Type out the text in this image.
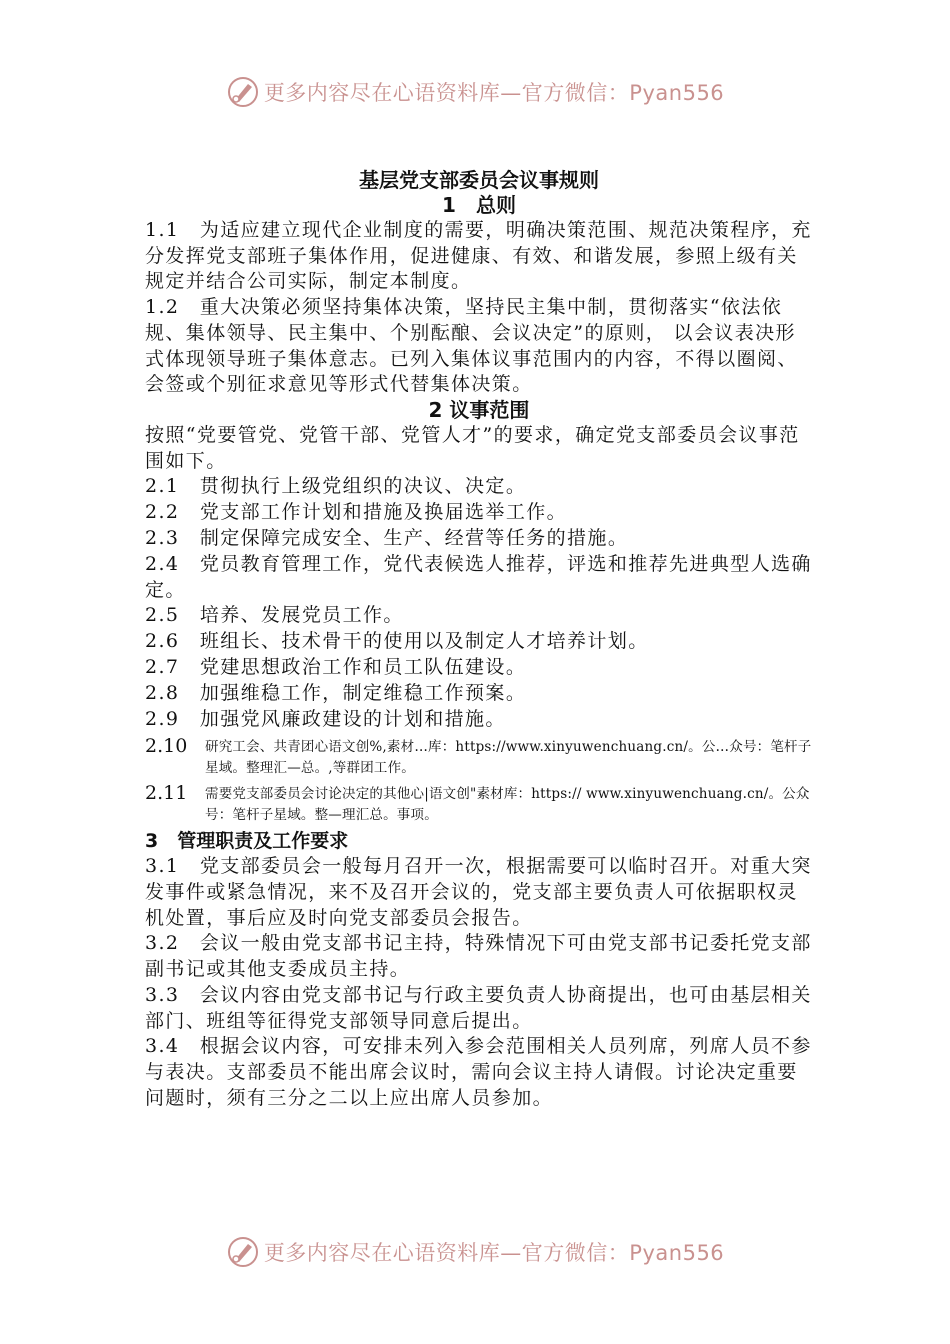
更多内容尽在心语资料库—官方微信：Pyan556
基层党支部委员会议事规则
1　总则

1.1　为适应建立现代企业制度的需要，明确决策范围、规范决策程序，充分发挥党支部班子集体作用，促进健康、有效、和谐发展，参照上级有关规定并结合公司实际，制定本制度。

1.2　重大决策必须坚持集体决策，坚持民主集中制，贯彻落实“依法依规、集体领导、民主集中、个别酝酿、会议决定”的原则， 以会议表决形式体现领导班子集体意志。已列入集体议事范围内的内容，不得以圈阅、会签或个别征求意见等形式代替集体决策。

2 议事范围

按照“党要管党、党管干部、党管人才”的要求，确定党支部委员会议事范围如下。

2.1　贯彻执行上级党组织的决议、决定。

2.2　党支部工作计划和措施及换届选举工作。

2.3　制定保障完成安全、生产、经营等任务的措施。

2.4　党员教育管理工作，党代表候选人推荐，评选和推荐先进典型人选确定。

2.5　培养、发展党员工作。

2.6　班组长、技术骨干的使用以及制定人才培养计划。

2.7　党建思想政治工作和员工队伍建设。

2.8　加强维稳工作，制定维稳工作预案。

2.9　加强党风廉政建设的计划和措施。

2.10	研究工会、共青团心语文创%,素材…库：https://www.xinyuwenchuang.cn/。公…众号：笔杆子星域。整理汇—总。,等群团工作。
2.11	需要党支部委员会讨论决定的其他心|语文创"素材库：https:// www.xinyuwenchuang.cn/。公众号：笔杆子星域。整—理汇总。事项。
3　管理职责及工作要求

3.1　党支部委员会一般每月召开一次，根据需要可以临时召开。对重大突发事件或紧急情况，来不及召开会议的，党支部主要负责人可依据职权灵机处置，事后应及时向党支部委员会报告。

3.2　会议一般由党支部书记主持，特殊情况下可由党支部书记委托党支部副书记或其他支委成员主持。

3.3　会议内容由党支部书记与行政主要负责人协商提出，也可由基层相关部门、班组等征得党支部领导同意后提出。

3.4　根据会议内容，可安排未列入参会范围相关人员列席，列席人员不参与表决。支部委员不能出席会议时，需向会议主持人请假。讨论决定重要问题时，须有三分之二以上应出席人员参加。

更多内容尽在心语资料库—官方微信：Pyan556
